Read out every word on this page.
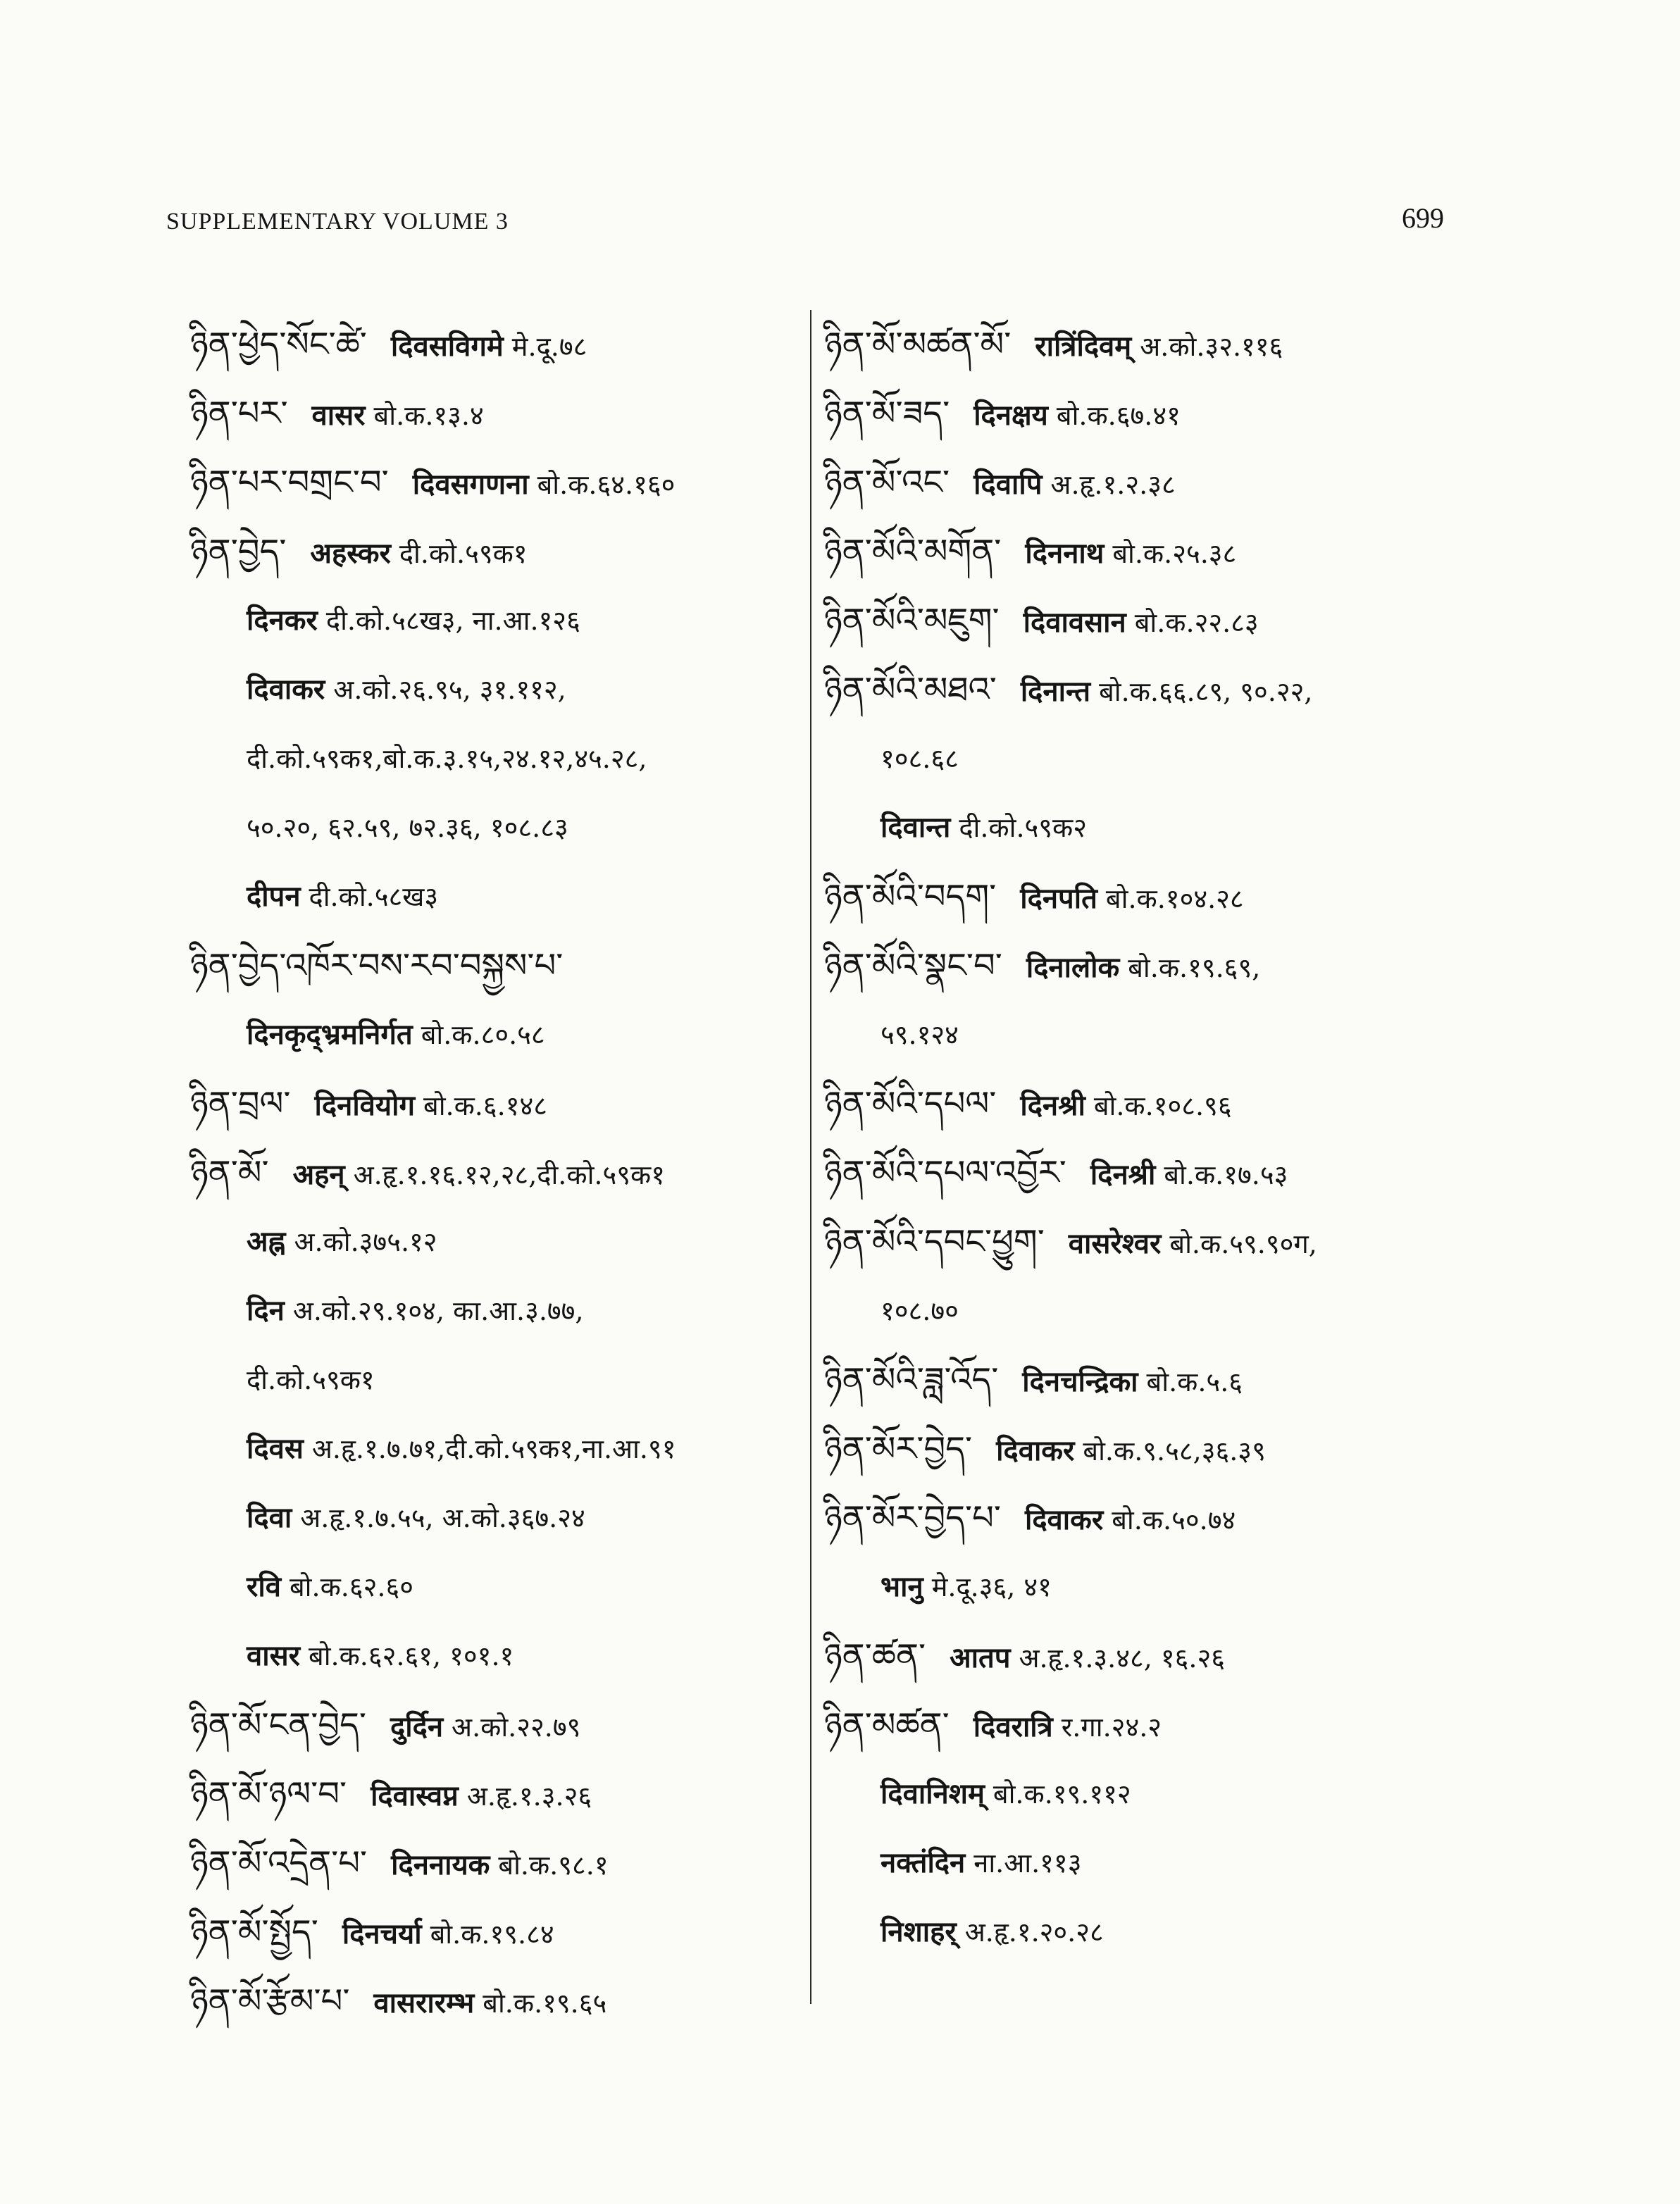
SUPPLEMENTARY VOLUME 3	699
ཉིན་ཕྱེད་སོང་ཚེ་ दिवसविगमे मे.दू.७८
ཉིན་པར་ वासर बो.क.१३.४
ཉིན་པར་བགྲང་བ་ दिवसगणना बो.क.६४.१६०
ཉིན་བྱེད་ अहस्कर दी.को.५९क१
दिनकर दी.को.५८ख३, ना.आ.१२६
दिवाकर अ.को.२६.९५, ३१.११२,
दी.को.५९क१,बो.क.३.१५,२४.१२,४५.२८,
५०.२०, ६२.५९, ७२.३६, १०८.८३
दीपन दी.को.५८ख३
ཉིན་བྱེད་འཁོར་བས་རབ་བསྐྱས་པ་
दिनकृद्भ्रमनिर्गत बो.क.८०.५८
ཉིན་བྲལ་ दिनवियोग बो.क.६.१४८
ཉིན་མོ་ अहन् अ.हृ.१.१६.१२,२८,दी.को.५९क१
अह्न अ.को.३७५.१२
दिन अ.को.२९.१०४, का.आ.३.७७,
दी.को.५९क१
दिवस अ.हृ.१.७.७१,दी.को.५९क१,ना.आ.९१
दिवा अ.हृ.१.७.५५, अ.को.३६७.२४
रवि बो.क.६२.६०
वासर बो.क.६२.६१, १०१.१
ཉིན་མོ་ངན་བྱེད་ दुर्दिन अ.को.२२.७९
ཉིན་མོ་ཉལ་བ་ दिवास्वप्न अ.हृ.१.३.२६
ཉིན་མོ་འདྲེན་པ་ दिननायक बो.क.९८.१
ཉིན་མོ་སྤྱོད་ दिनचर्या बो.क.१९.८४
ཉིན་མོ་རྩོམ་པ་ वासरारम्भ बो.क.१९.६५
ཉིན་མོ་མཚན་མོ་ रात्रिंदिवम् अ.को.३२.११६
ཉིན་མོ་ཟད་ दिनक्षय बो.क.६७.४१
ཉིན་མོ་འང་ दिवापि अ.हृ.१.२.३८
ཉིན་མོའི་མགོན་ दिननाथ बो.क.२५.३८
ཉིན་མོའི་མཇུག་ दिवावसान बो.क.२२.८३
ཉིན་མོའི་མཐའ་ दिनान्त बो.क.६६.८९, ९०.२२,
१०८.६८
दिवान्त दी.को.५९क२
ཉིན་མོའི་བདག་ दिनपति बो.क.१०४.२८
ཉིན་མོའི་སྣང་བ་ दिनालोक बो.क.१९.६९,
५९.१२४
ཉིན་མོའི་དཔལ་ दिनश्री बो.क.१०८.९६
ཉིན་མོའི་དཔལ་འབྱོར་ दिनश्री बो.क.१७.५३
ཉིན་མོའི་དབང་ཕྱུག་ वासरेश्वर बो.क.५९.९०ग,
१०८.७०
ཉིན་མོའི་ཟླ་འོད་ दिनचन्द्रिका बो.क.५.६
ཉིན་མོར་བྱེད་ दिवाकर बो.क.९.५८,३६.३९
ཉིན་མོར་བྱེད་པ་ दिवाकर बो.क.५०.७४
भानु मे.दू.३६, ४१
ཉིན་ཚན་ आतप अ.हृ.१.३.४८, १६.२६
ཉིན་མཚན་ दिवरात्रि र.गा.२४.२
दिवानिशम् बो.क.१९.११२
नक्तंदिन ना.आ.११३
निशाहर् अ.हृ.१.२०.२८
